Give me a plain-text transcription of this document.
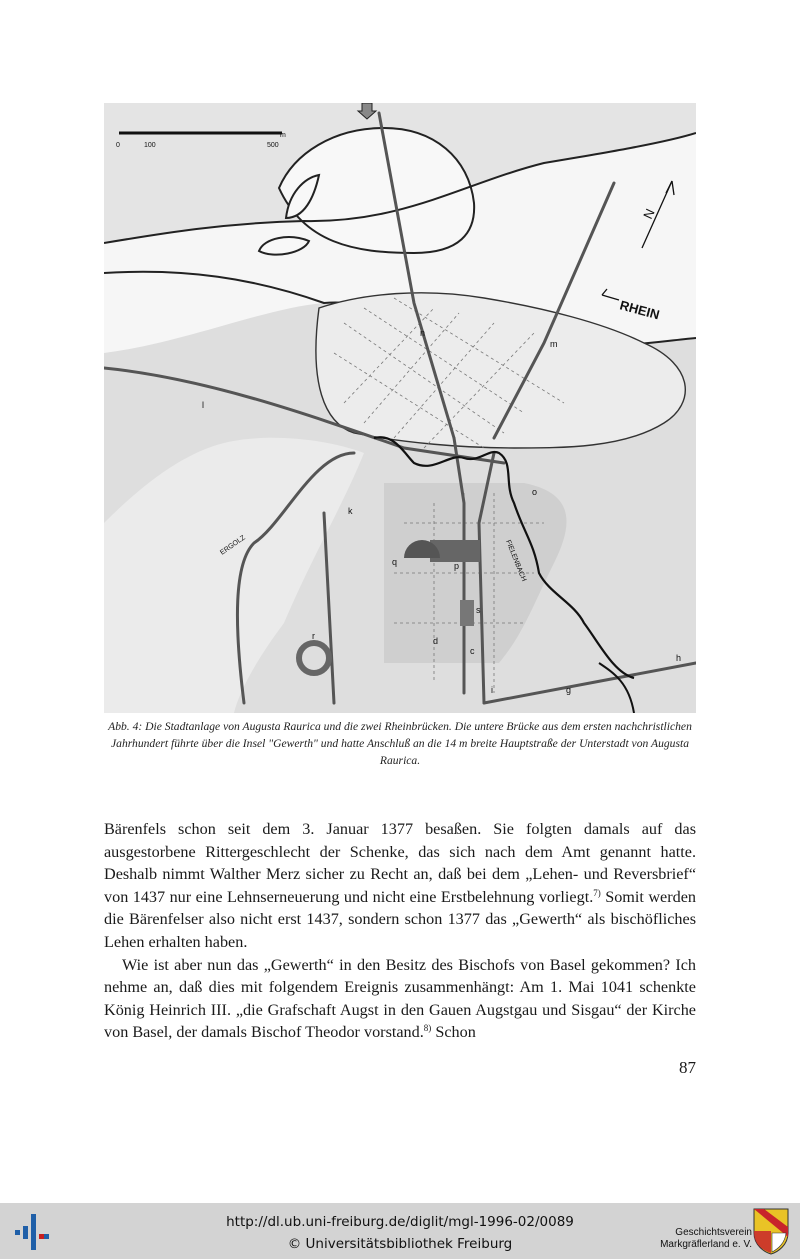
0	100	500
m
N
RHEIN
ERGOLZ	FIELENBACH
n
m
l
o
k
q	p
s
r	d
c
i	g
h
Abb. 4: Die Stadtanlage von Augusta Raurica und die zwei Rheinbrücken. Die untere Brücke aus dem ersten nachchristlichen Jahrhundert führte über die Insel "Gewerth" und hatte Anschluß an die 14 m breite Hauptstraße der Unterstadt von Augusta Raurica.

Bärenfels schon seit dem 3. Januar 1377 besaßen. Sie folgten damals auf das ausgestorbene Rittergeschlecht der Schenke, das sich nach dem Amt genannt hatte. Deshalb nimmt Walther Merz sicher zu Recht an, daß bei dem „Lehen- und Reversbrief“ von 1437 nur eine Lehnserneuerung und nicht eine Erstbelehnung vorliegt.$^{7)}$ Somit werden die Bärenfelser also nicht erst 1437, sondern schon 1377 das „Gewerth“ als bischöfliches Lehen erhalten haben.

Wie ist aber nun das „Gewerth“ in den Besitz des Bischofs von Basel gekommen? Ich nehme an, daß dies mit folgendem Ereignis zusammenhängt: Am 1. Mai 1041 schenkte König Heinrich III. „die Grafschaft Augst in den Gauen Augstgau und Sisgau“ der Kirche von Basel, der damals Bischof Theodor vorstand.$^{8)}$ Schon

87
http://dl.ub.uni-freiburg.de/diglit/mgl-1996-02/0089
© Universitätsbibliothek Freiburg
Geschichtsverein
Markgräflerland e. V.
